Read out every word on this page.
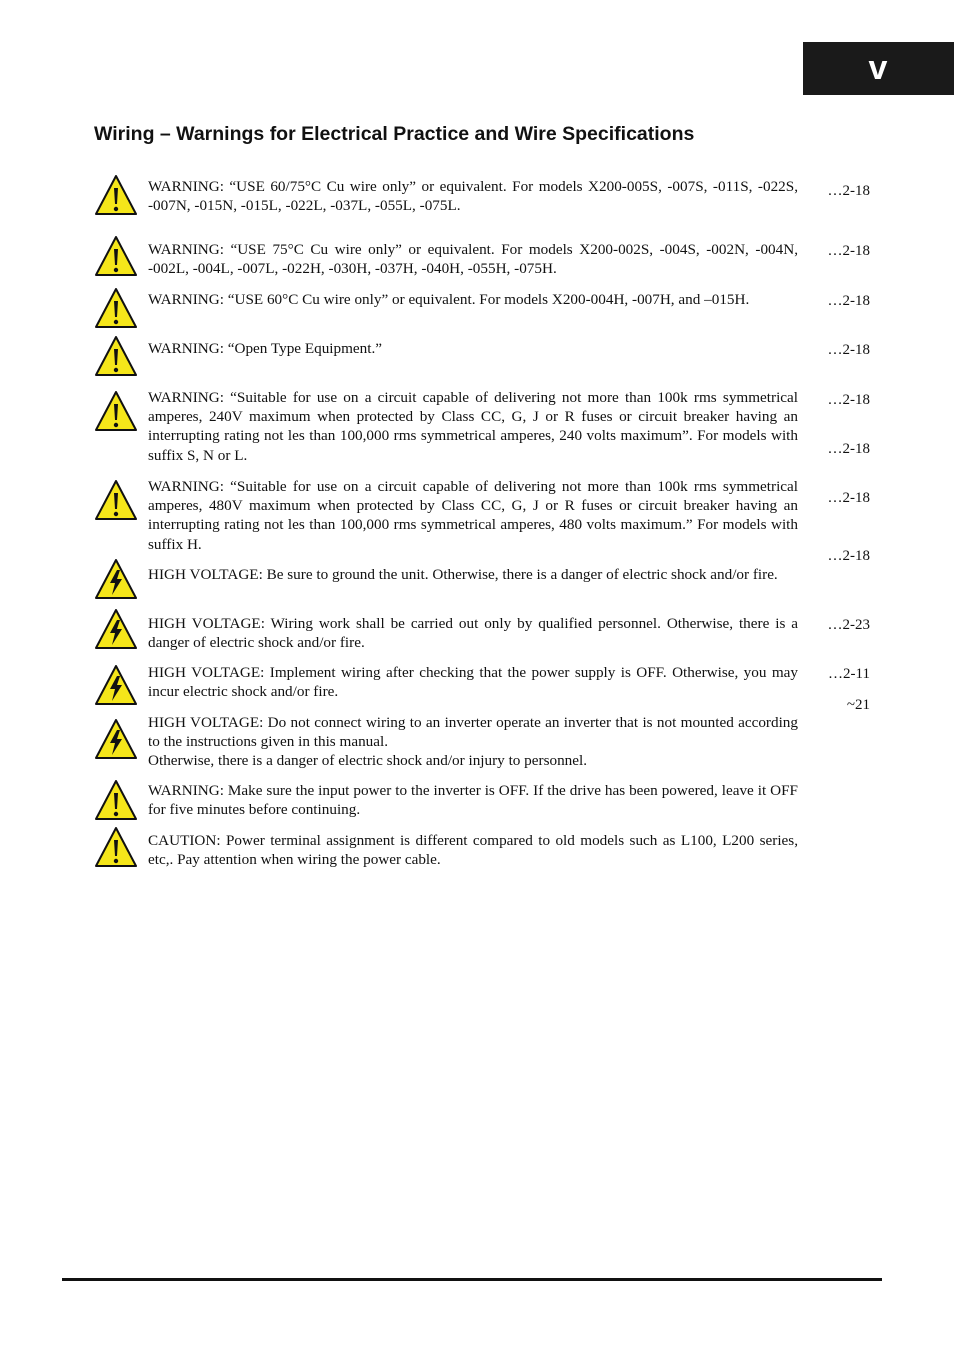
v
Wiring – Warnings for Electrical Practice and Wire Specifications
WARNING: “USE 60/75°C Cu wire only” or equivalent. For models X200-005S, -007S, -011S, -022S, -007N, -015N, -015L, -022L, -037L, -055L, -075L.
WARNING: “USE 75°C Cu wire only” or equivalent. For models X200-002S, -004S, -002N, -004N, -002L, -004L, -007L, -022H, -030H, -037H, -040H, -055H, -075H.
WARNING: “USE 60°C Cu wire only” or equivalent. For models X200-004H, -007H, and –015H.
WARNING: “Open Type Equipment.”
WARNING: “Suitable for use on a circuit capable of delivering not more than 100k rms symmetrical amperes, 240V maximum when protected by Class CC, G, J or R fuses or circuit breaker having an interrupting rating not les than 100,000 rms symmetrical amperes, 240 volts maximum”. For models with suffix S, N or L.
WARNING: “Suitable for use on a circuit capable of delivering not more than 100k rms symmetrical amperes, 480V maximum when protected by Class CC, G, J or R fuses or circuit breaker having an interrupting rating not les than 100,000 rms symmetrical amperes, 480 volts maximum.” For models with suffix H.
HIGH VOLTAGE: Be sure to ground the unit. Otherwise, there is a danger of electric shock and/or fire.
HIGH VOLTAGE: Wiring work shall be carried out only by qualified personnel. Otherwise, there is a danger of electric shock and/or fire.
HIGH VOLTAGE: Implement wiring after checking that the power supply is OFF. Otherwise, you may incur electric shock and/or fire.
HIGH VOLTAGE: Do not connect wiring to an inverter operate an inverter that is not mounted according to the instructions given in this manual.
Otherwise, there is a danger of electric shock and/or injury to personnel.
WARNING: Make sure the input power to the inverter is OFF. If the drive has been powered, leave it OFF for five minutes before continuing.
CAUTION: Power terminal assignment is different compared to old models such as L100, L200 series, etc,. Pay attention when wiring the power cable.
…2-18
…2-18
…2-18
…2-18
…2-18
…2-18
…2-18
…2-18
…2-23
…2-11
~21
